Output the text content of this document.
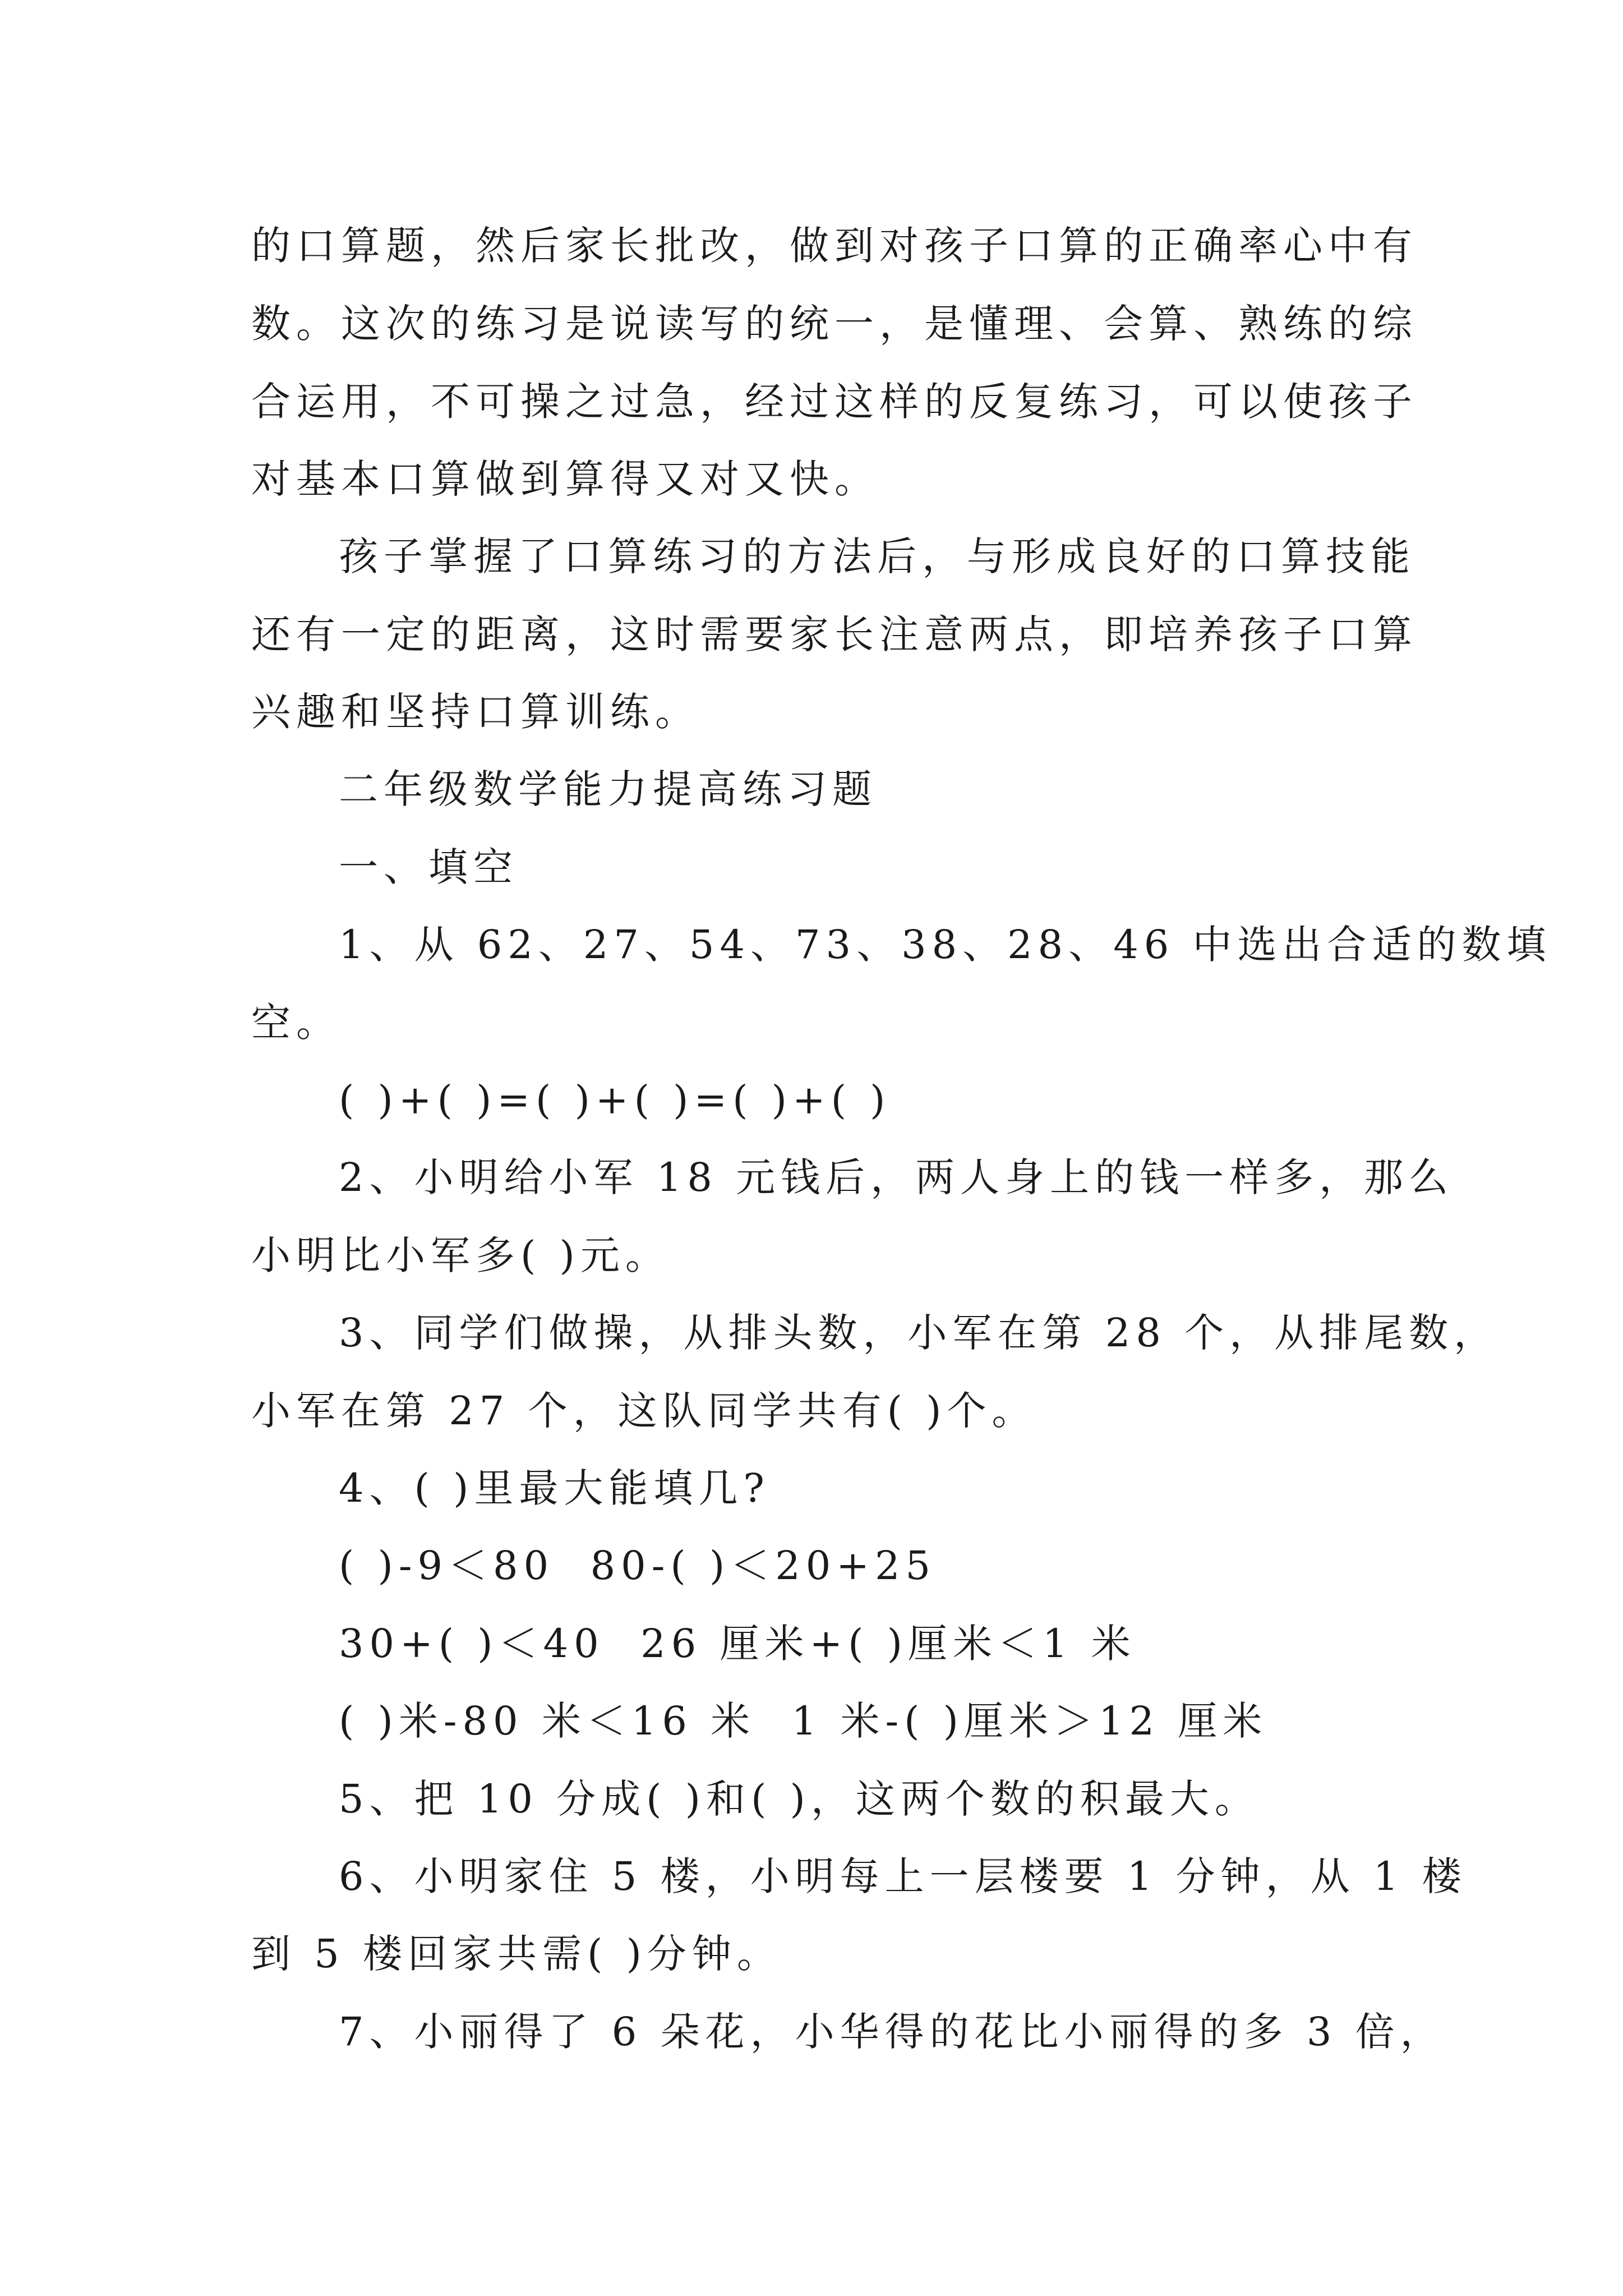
的口算题，然后家长批改，做到对孩子口算的正确率心中有

数。这次的练习是说读写的统一，是懂理、会算、熟练的综

合运用，不可操之过急，经过这样的反复练习，可以使孩子

对基本口算做到算得又对又快。

孩子掌握了口算练习的方法后，与形成良好的口算技能

还有一定的距离，这时需要家长注意两点，即培养孩子口算

兴趣和坚持口算训练。

二年级数学能力提高练习题

一、填空

1、从 62、27、54、73、38、28、46 中选出合适的数填

空。

( )+( )=( )+( )=( )+( )

2、小明给小军 18 元钱后，两人身上的钱一样多，那么

小明比小军多( )元。

3、同学们做操，从排头数，小军在第 28 个，从排尾数，

小军在第 27 个，这队同学共有( )个。

4、( )里最大能填几?

( )-9＜80  80-( )＜20+25

30+( )＜40  26 厘米+( )厘米＜1 米

( )米-80 米＜16 米  1 米-( )厘米＞12 厘米

5、把 10 分成( )和( )，这两个数的积最大。

6、小明家住 5 楼，小明每上一层楼要 1 分钟，从 1 楼

到 5 楼回家共需( )分钟。

7、小丽得了 6 朵花，小华得的花比小丽得的多 3 倍，
